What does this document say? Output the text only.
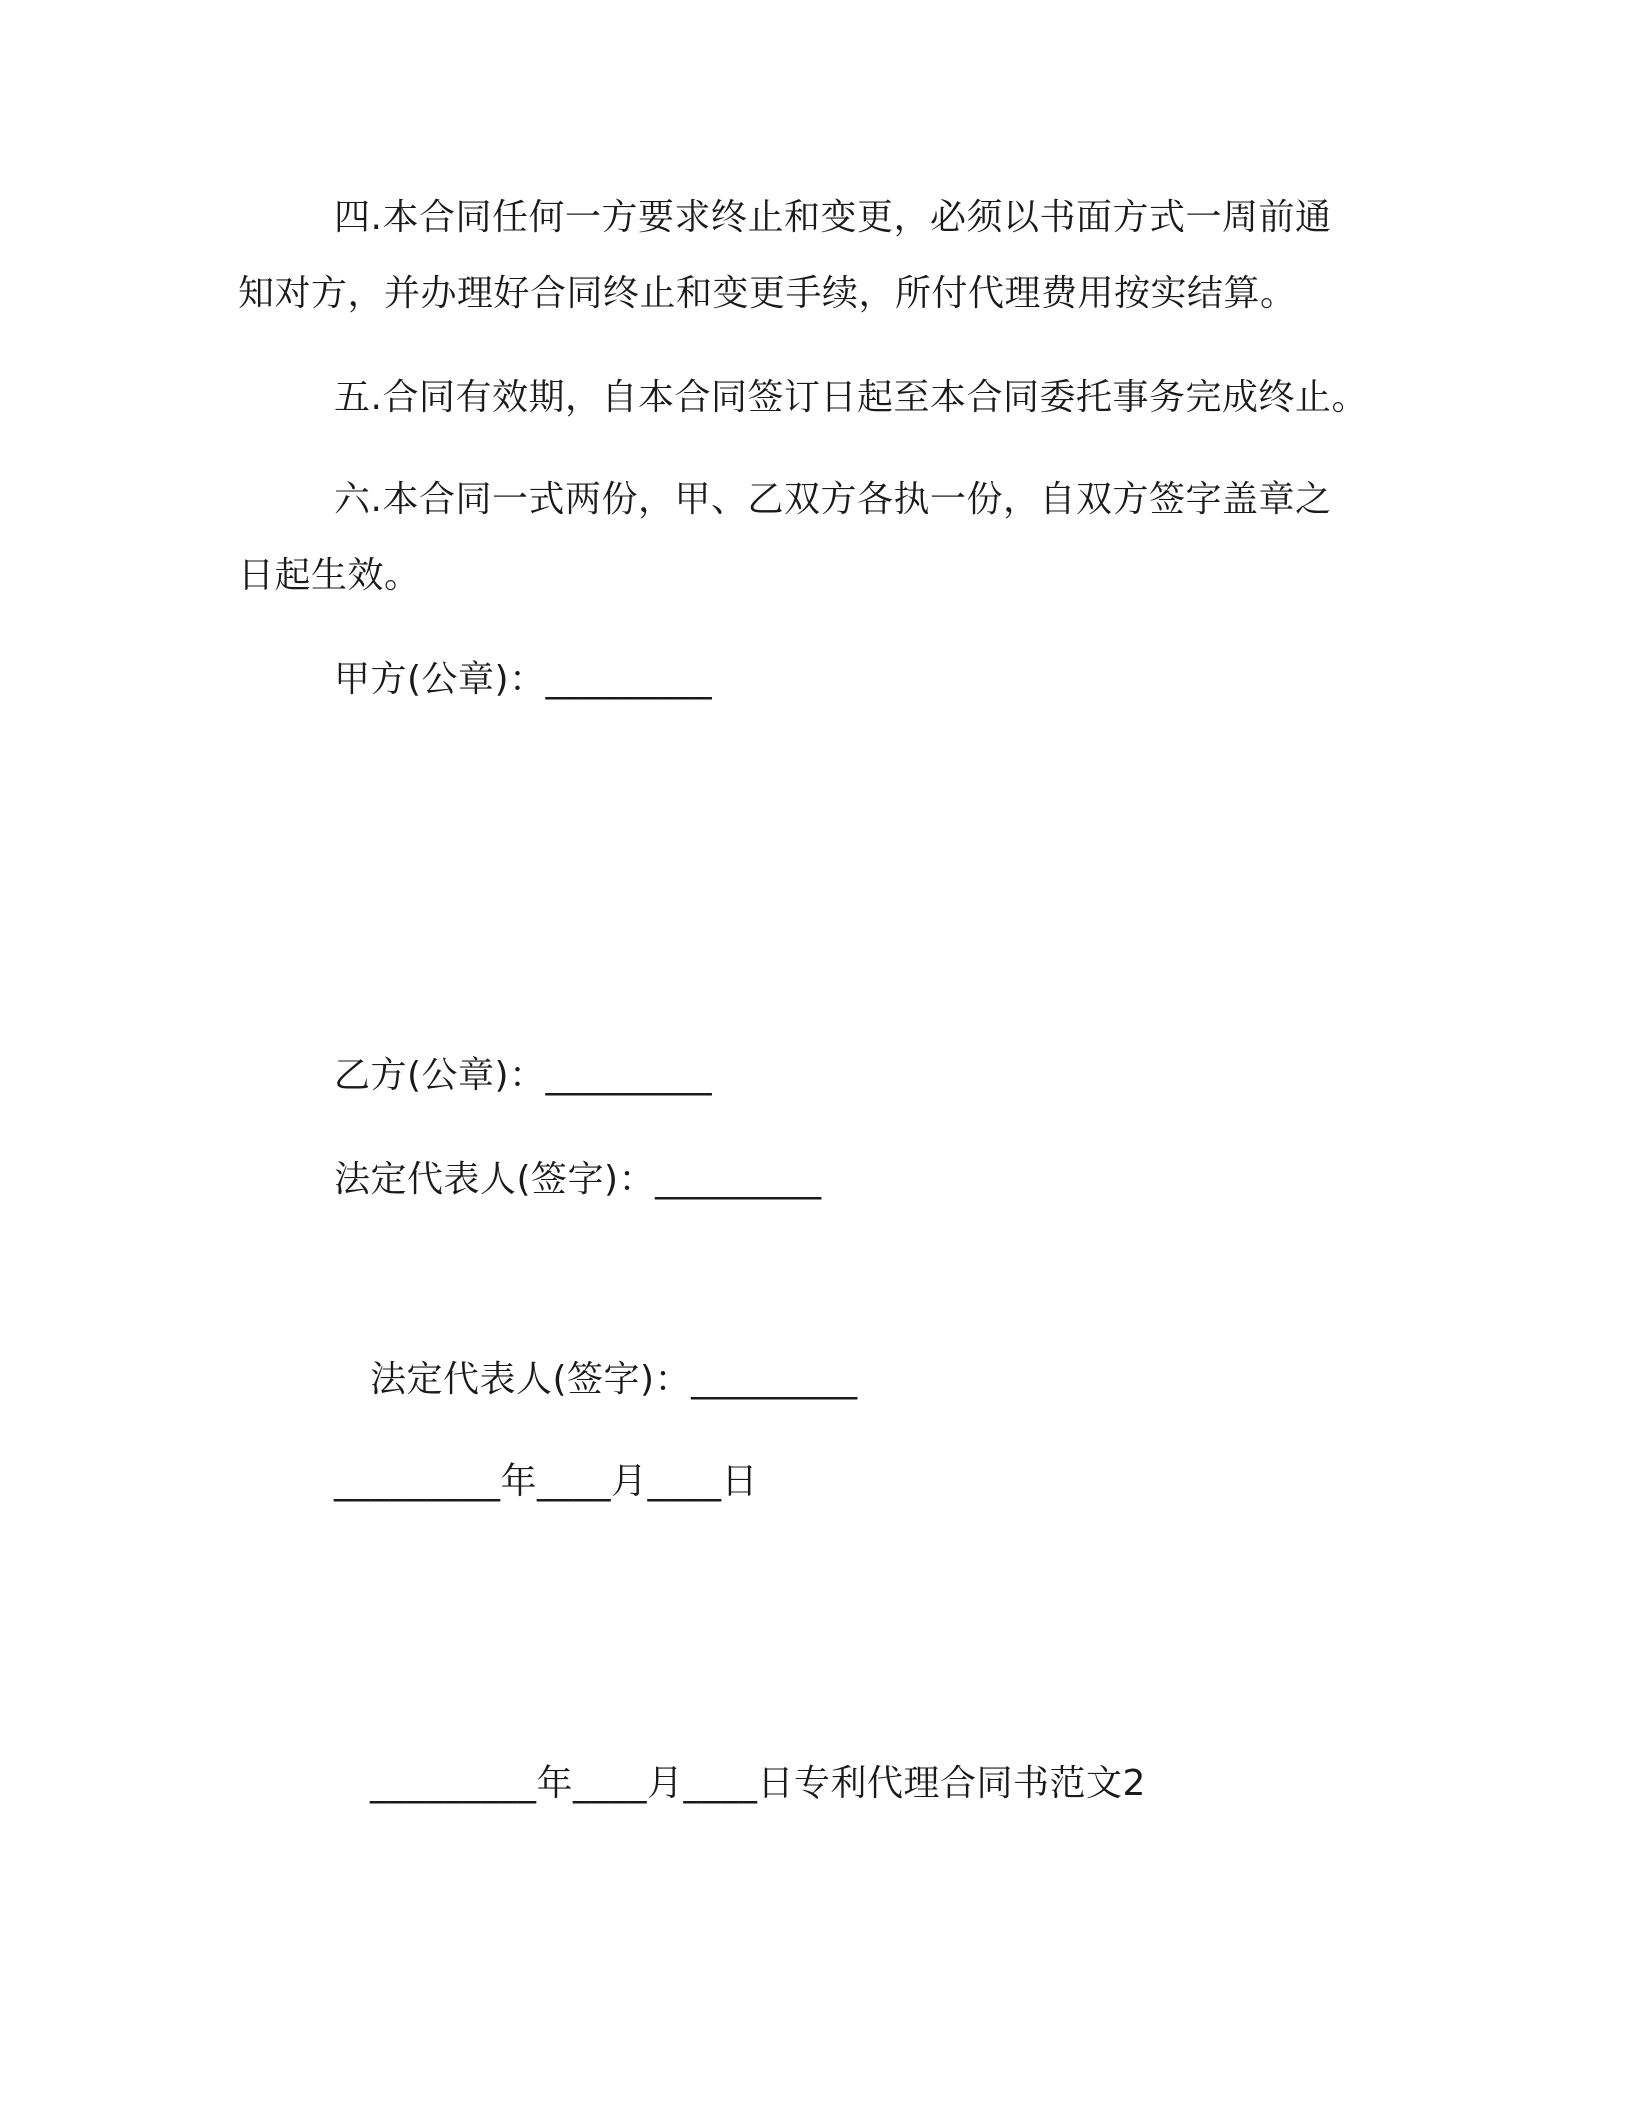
四.本合同任何一方要求终止和变更，必须以书面方式一周前通
知对方，并办理好合同终止和变更手续，所付代理费用按实结算。
五.合同有效期，自本合同签订日起至本合同委托事务完成终止。
六.本合同一式两份，甲、乙双方各执一份，自双方签字盖章之
日起生效。
甲方(公章)：_________
乙方(公章)：_________
法定代表人(签字)：_________
法定代表人(签字)：_________
_________年____月____日
_________年____月____日专利代理合同书范文2
